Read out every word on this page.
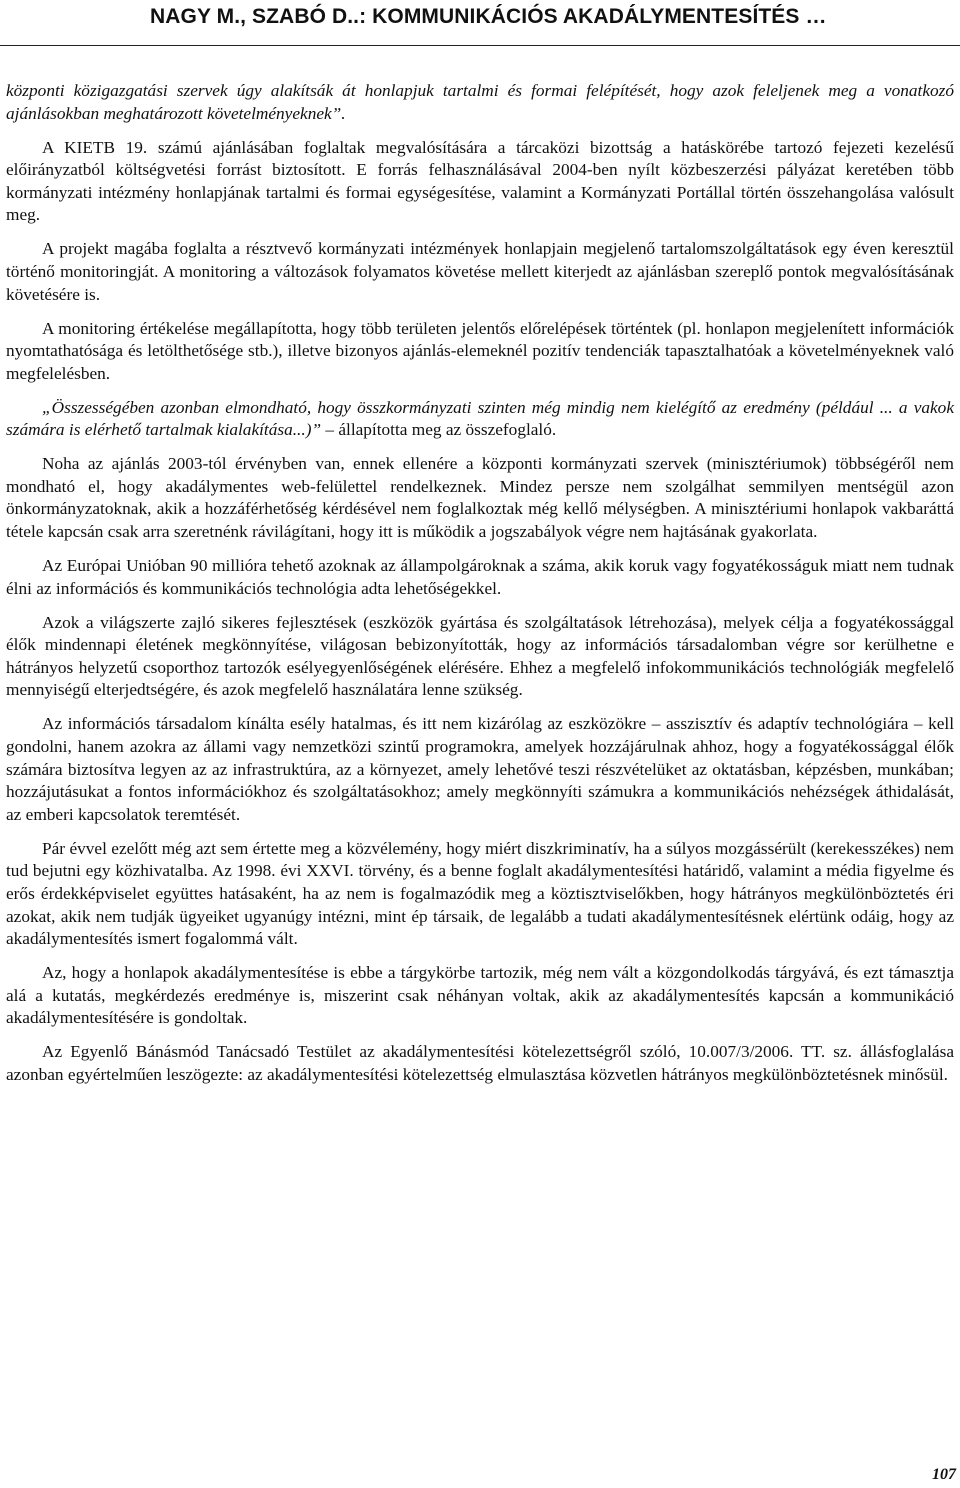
NAGY M., SZABÓ D..: KOMMUNIKÁCIÓS AKADÁLYMENTESÍTÉS …

központi közigazgatási szervek úgy alakítsák át honlapjuk tartalmi és formai felépítését, hogy azok feleljenek meg a vonatkozó ajánlásokban meghatározott követelményeknek”.

A KIETB 19. számú ajánlásában foglaltak megvalósítására a tárcaközi bizottság a hatáskörébe tartozó fejezeti kezelésű előirányzatból költségvetési forrást biztosított. E forrás felhasználásával 2004-ben nyílt közbeszerzési pályázat keretében több kormányzati intézmény honlapjának tartalmi és formai egységesítése, valamint a Kormányzati Portállal történ összehangolása valósult meg.

A projekt magába foglalta a résztvevő kormányzati intézmények honlapjain megjelenő tartalomszolgáltatások egy éven keresztül történő monitoringját. A monitoring a változások folyamatos követése mellett kiterjedt az ajánlásban szereplő pontok megvalósításának követésére is.

A monitoring értékelése megállapította, hogy több területen jelentős előrelépések történtek (pl. honlapon megjelenített információk nyomtathatósága és letölthetősége stb.), illetve bizonyos ajánlás-elemeknél pozitív tendenciák tapasztalhatóak a követelményeknek való megfelelésben.

„Összességében azonban elmondható, hogy összkormányzati szinten még mindig nem kielégítő az eredmény (például ... a vakok számára is elérhető tartalmak kialakítása...)” – állapította meg az összefoglaló.

Noha az ajánlás 2003-tól érvényben van, ennek ellenére a központi kormányzati szervek (minisztériumok) többségéről nem mondható el, hogy akadálymentes web-felülettel rendelkeznek. Mindez persze nem szolgálhat semmilyen mentségül azon önkormányzatoknak, akik a hozzáférhetőség kérdésével nem foglalkoztak még kellő mélységben. A minisztériumi honlapok vakbaráttá tétele kapcsán csak arra szeretnénk rávilágítani, hogy itt is működik a jogszabályok végre nem hajtásának gyakorlata.

Az Európai Unióban 90 millióra tehető azoknak az állampolgároknak a száma, akik koruk vagy fogyatékosságuk miatt nem tudnak élni az információs és kommunikációs technológia adta lehetőségekkel.

Azok a világszerte zajló sikeres fejlesztések (eszközök gyártása és szolgáltatások létrehozása), melyek célja a fogyatékossággal élők mindennapi életének megkönnyítése, világosan bebizonyították, hogy az információs társadalomban végre sor kerülhetne e hátrányos helyzetű csoporthoz tartozók esélyegyenlőségének elérésére. Ehhez a megfelelő infokommunikációs technológiák megfelelő mennyiségű elterjedtségére, és azok megfelelő használatára lenne szükség.

Az információs társadalom kínálta esély hatalmas, és itt nem kizárólag az eszközökre – asszisztív és adaptív technológiára – kell gondolni, hanem azokra az állami vagy nemzetközi szintű programokra, amelyek hozzájárulnak ahhoz, hogy a fogyatékossággal élők számára biztosítva legyen az az infrastruktúra, az a környezet, amely lehetővé teszi részvételüket az oktatásban, képzésben, munkában; hozzájutásukat a fontos információkhoz és szolgáltatásokhoz; amely megkönnyíti számukra a kommunikációs nehézségek áthidalását, az emberi kapcsolatok teremtését.

Pár évvel ezelőtt még azt sem értette meg a közvélemény, hogy miért diszkriminatív, ha a súlyos mozgássérült (kerekesszékes) nem tud bejutni egy közhivatalba. Az 1998. évi XXVI. törvény, és a benne foglalt akadálymentesítési határidő, valamint a média figyelme és erős érdekképviselet együttes hatásaként, ha az nem is fogalmazódik meg a köztisztviselőkben, hogy hátrányos megkülönböztetés éri azokat, akik nem tudják ügyeiket ugyanúgy intézni, mint ép társaik, de legalább a tudati akadálymentesítésnek elértünk odáig, hogy az akadálymentesítés ismert fogalommá vált.

Az, hogy a honlapok akadálymentesítése is ebbe a tárgykörbe tartozik, még nem vált a közgondolkodás tárgyává, és ezt támasztja alá a kutatás, megkérdezés eredménye is, miszerint csak néhányan voltak, akik az akadálymentesítés kapcsán a kommunikáció akadálymentesítésére is gondoltak.

Az Egyenlő Bánásmód Tanácsadó Testület az akadálymentesítési kötelezettségről szóló, 10.007/3/2006. TT. sz. állásfoglalása azonban egyértelműen leszögezte: az akadálymentesítési kötelezettség elmulasztása közvetlen hátrányos megkülönböztetésnek minősül.

107
